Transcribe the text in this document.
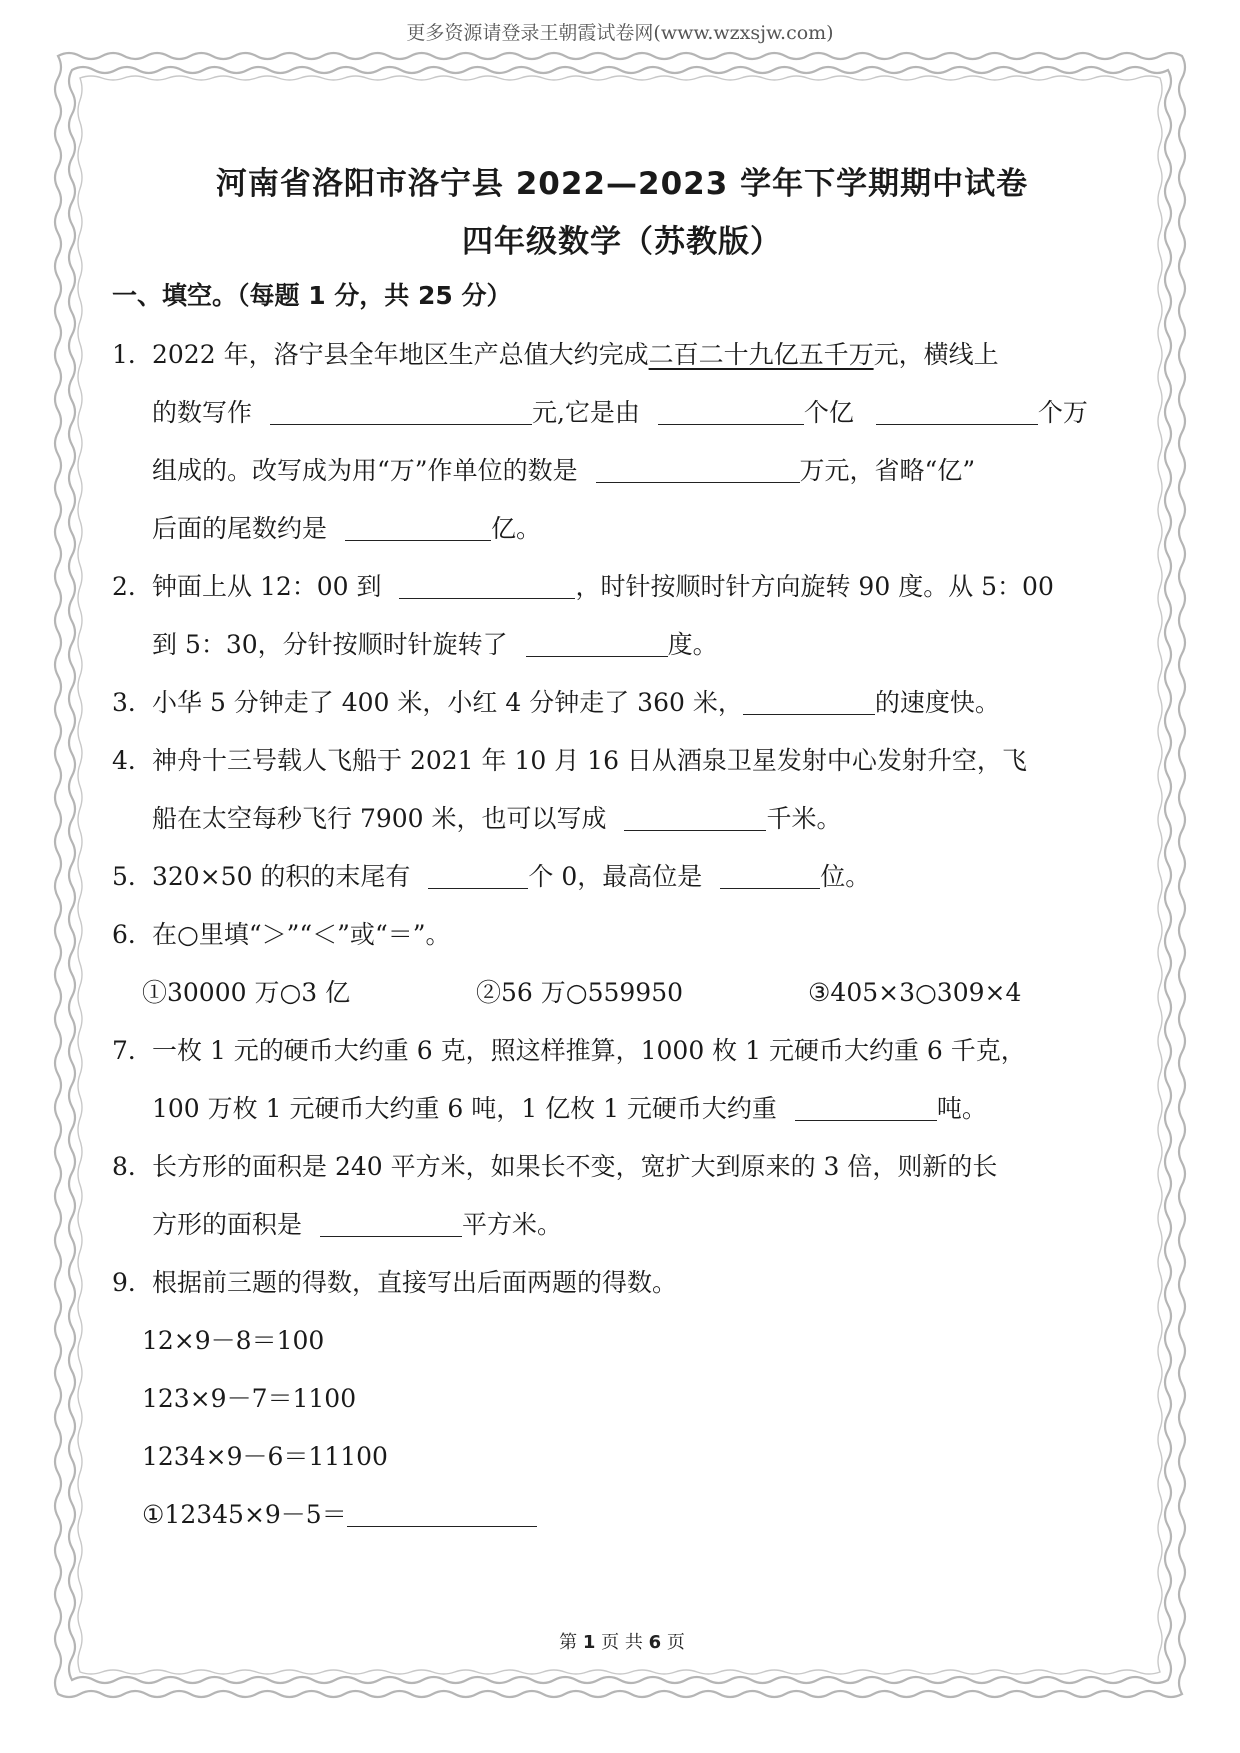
更多资源请登录王朝霞试卷网(www.wzxsjw.com)
河南省洛阳市洛宁县 2022—2023 学年下学期期中试卷
四年级数学（苏教版）
一、填空。（每题 1 分，共 25 分）
1．2022 年，洛宁县全年地区生产总值大约完成二百二十九亿五千万元，横线上
的数写作	元,它是由	个亿	个万
组成的。改写成为用“万”作单位的数是	万元，省略“亿”
后面的尾数约是	亿。
2．钟面上从 12：00 到	，时针按顺时针方向旋转 90 度。从 5：00
到 5：30，分针按顺时针旋转了	度。
3．小华 5 分钟走了 400 米，小红 4 分钟走了 360 米，	的速度快。
4．神舟十三号载人飞船于 2021 年 10 月 16 日从酒泉卫星发射中心发射升空，飞
船在太空每秒飞行 7900 米，也可以写成	千米。
5．320×50 的积的末尾有	个 0，最高位是	位。
6．在○里填“＞”“＜”或“＝”。
①30000 万○3 亿	②56 万○559950	③405×3○309×4
7．一枚 1 元的硬币大约重 6 克，照这样推算，1000 枚 1 元硬币大约重 6 千克，
100 万枚 1 元硬币大约重 6 吨，1 亿枚 1 元硬币大约重	吨。
8．长方形的面积是 240 平方米，如果长不变，宽扩大到原来的 3 倍，则新的长
方形的面积是	平方米。
9．根据前三题的得数，直接写出后面两题的得数。
12×9－8＝100
123×9－7＝1100
1234×9－6＝11100
①12345×9－5＝
第 1 页 共 6 页
